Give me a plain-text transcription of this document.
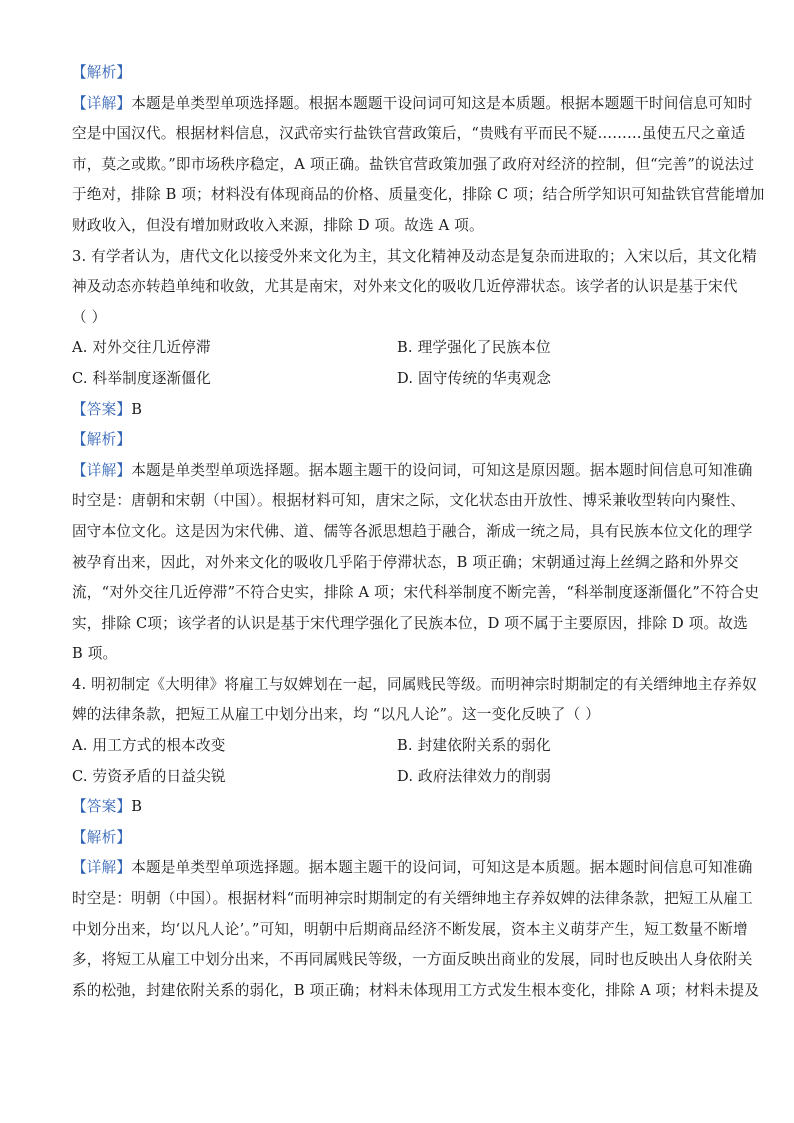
【解析】
【详解】本题是单类型单项选择题。根据本题题干设问词可知这是本质题。根据本题题干时间信息可知时
空是中国汉代。根据材料信息，汉武帝实行盐铁官营政策后，“贵贱有平而民不疑………虽使五尺之童适
市，莫之或欺。”即市场秩序稳定，A 项正确。盐铁官营政策加强了政府对经济的控制，但“完善”的说法过
于绝对，排除 B 项；材料没有体现商品的价格、质量变化，排除 C 项；结合所学知识可知盐铁官营能增加
财政收入，但没有增加财政收入来源，排除 D 项。故选 A 项。
3. 有学者认为，唐代文化以接受外来文化为主，其文化精神及动态是复杂而进取的；入宋以后，其文化精
神及动态亦转趋单纯和收敛，尤其是南宋，对外来文化的吸收几近停滞状态。该学者的认识是基于宋代
（ ）
A. 对外交往几近停滞	B. 理学强化了民族本位
C. 科举制度逐渐僵化	D. 固守传统的华夷观念
【答案】B
【解析】
【详解】本题是单类型单项选择题。据本题主题干的设问词，可知这是原因题。据本题时间信息可知准确
时空是：唐朝和宋朝（中国）。根据材料可知，唐宋之际，文化状态由开放性、博采兼收型转向内聚性、
固守本位文化。这是因为宋代佛、道、儒等各派思想趋于融合，渐成一统之局，具有民族本位文化的理学
被孕育出来，因此，对外来文化的吸收几乎陷于停滞状态，B 项正确；宋朝通过海上丝绸之路和外界交
流，“对外交往几近停滞”不符合史实，排除 A 项；宋代科举制度不断完善，“科举制度逐渐僵化”不符合史
实，排除 C项；该学者的认识是基于宋代理学强化了民族本位，D 项不属于主要原因，排除 D 项。故选
B 项。
4. 明初制定《大明律》将雇工与奴婢划在一起，同属贱民等级。而明神宗时期制定的有关缙绅地主存养奴
婢的法律条款，把短工从雇工中划分出来，均 “以凡人论”。这一变化反映了（ ）
A. 用工方式的根本改变	B. 封建依附关系的弱化
C. 劳资矛盾的日益尖锐	D. 政府法律效力的削弱
【答案】B
【解析】
【详解】本题是单类型单项选择题。据本题主题干的设问词，可知这是本质题。据本题时间信息可知准确
时空是：明朝（中国）。根据材料“而明神宗时期制定的有关缙绅地主存养奴婢的法律条款，把短工从雇工
中划分出来，均‘以凡人论’。”可知，明朝中后期商品经济不断发展，资本主义萌芽产生，短工数量不断增
多，将短工从雇工中划分出来，不再同属贱民等级，一方面反映出商业的发展，同时也反映出人身依附关
系的松弛，封建依附关系的弱化，B 项正确；材料未体现用工方式发生根本变化，排除 A 项；材料未提及
